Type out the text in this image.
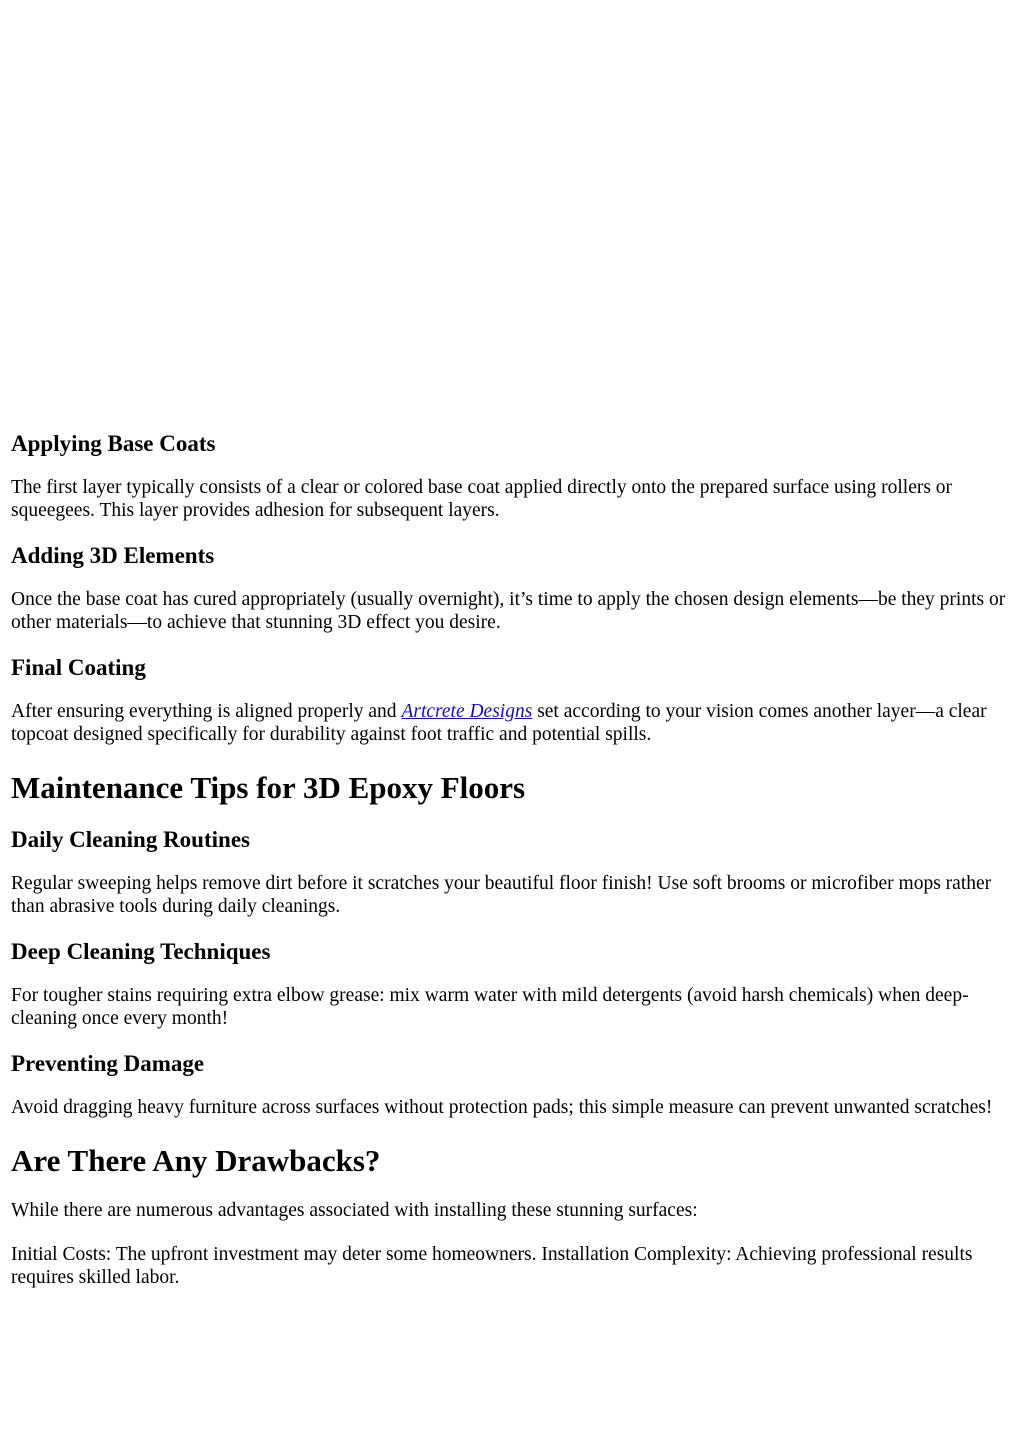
Applying Base Coats

The first layer typically consists of a clear or colored base coat applied directly onto the prepared surface using rollers or squeegees. This layer provides adhesion for subsequent layers.

Adding 3D Elements

Once the base coat has cured appropriately (usually overnight), it’s time to apply the chosen design elements—be they prints or other materials—to achieve that stunning 3D effect you desire.

Final Coating

After ensuring everything is aligned properly and Artcrete Designs set according to your vision comes another layer—a clear topcoat designed specifically for durability against foot traffic and potential spills.

Maintenance Tips for 3D Epoxy Floors
Daily Cleaning Routines

Regular sweeping helps remove dirt before it scratches your beautiful floor finish! Use soft brooms or microfiber mops rather than abrasive tools during daily cleanings.

Deep Cleaning Techniques

For tougher stains requiring extra elbow grease: mix warm water with mild detergents (avoid harsh chemicals) when deep-cleaning once every month!

Preventing Damage

Avoid dragging heavy furniture across surfaces without protection pads; this simple measure can prevent unwanted scratches!

Are There Any Drawbacks?

While there are numerous advantages associated with installing these stunning surfaces:

Initial Costs: The upfront investment may deter some homeowners. Installation Complexity: Achieving professional results requires skilled labor.
